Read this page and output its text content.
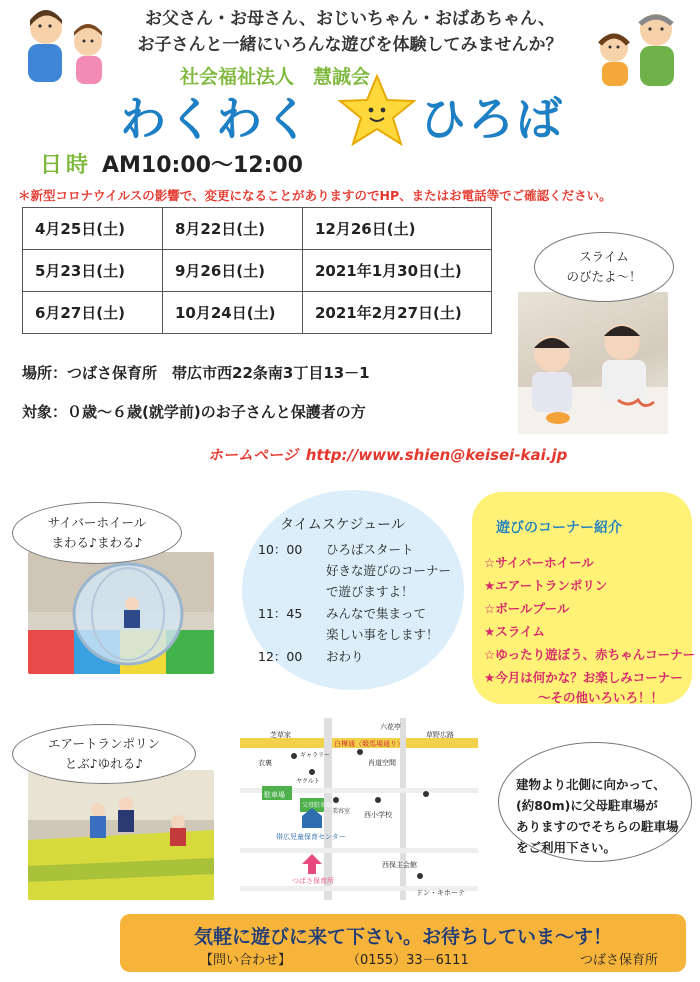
お父さん・お母さん、おじいちゃん・おばあちゃん、
お子さんと一緒にいろんな遊びを体験してみませんか？
社会福祉法人　慧誠会
わくわく ひろば
日時 AM10:00～12:00
＊新型コロナウイルスの影響で、変更になることがありますのでHP、またはお電話等でご確認ください。
4月25日(土)	8月22日(土)	12月26日(土)
5月23日(土)	9月26日(土)	2021年1月30日(土)
6月27日(土)	10月24日(土)	2021年2月27日(土)
場所：つばさ保育所　帯広市西22条南3丁目13－1
対象：０歳～６歳(就学前)のお子さんと保護者の方
ホームページ http://www.shien@keisei-kai.jp
スライム
のびたよ～！
サイバーホイール
まわる♪まわる♪
エアートランポリン
とぶ♪ゆれる♪
タイムスケジュール
10：00 ひろばスタート
好きな遊びのコーナー
で遊びますよ！
11：45 みんなで集まって
楽しい事をします！
12：00 おわり
遊びのコーナー紹介
☆サイバーホイール
★エアートランポリン
☆ボールプール
★スライム
☆ゆったり遊ぼう、赤ちゃんコーナー
★今月は何かな？お楽しみコーナー
～その他いろいろ！！
六花亭
芝草家
白樺通（競馬場通り）
草野広路
衣裏
ギャラリー
肖道空間
ヤクルト
駐車場
父母駐車場
美容室 西小学校
帯広児童保育センター
つばさ保育所
西保主会館
ドン・キホーテ
建物より北側に向かって、
(約80m)に父母駐車場が
ありますのでそちらの駐車場
をご利用下さい。
気軽に遊びに来て下さい。お待ちしていま～す！
【問い合わせ】	（0155）33－6111	つばさ保育所
